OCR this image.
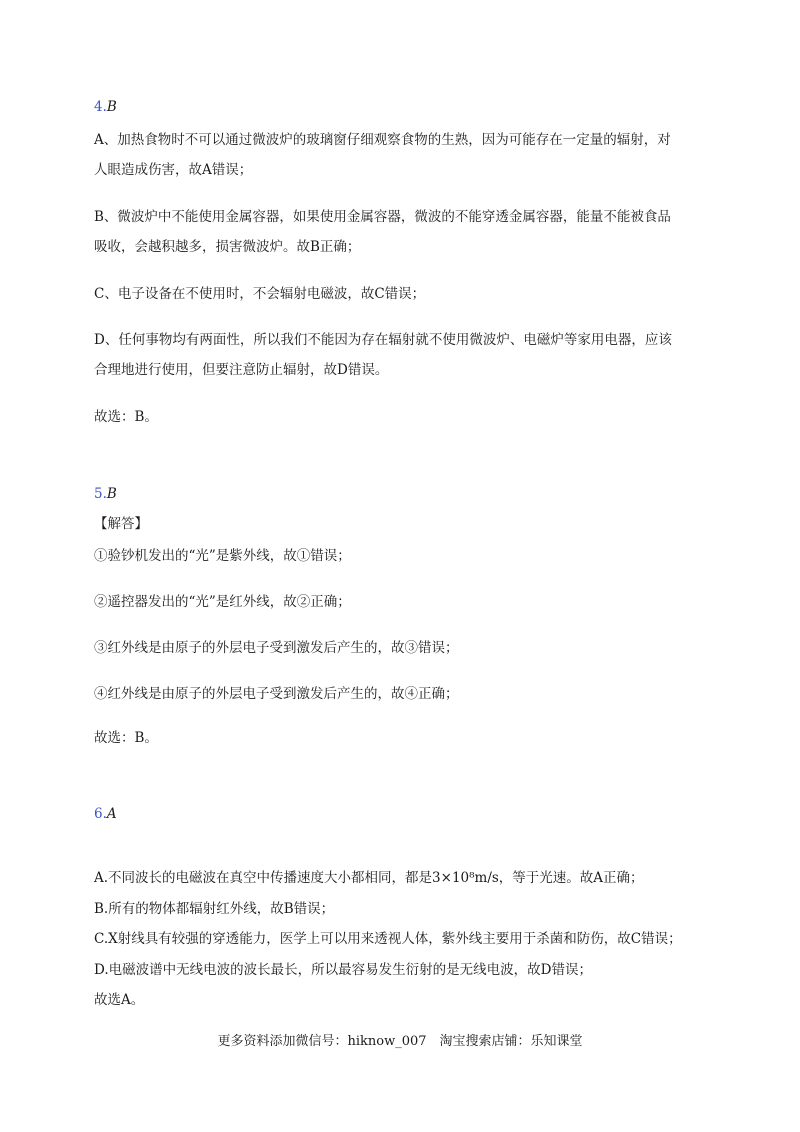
4.B
A、加热食物时不可以通过微波炉的玻璃窗仔细观察食物的生熟，因为可能存在一定量的辐射，对
人眼造成伤害，故A错误；
B、微波炉中不能使用金属容器，如果使用金属容器，微波的不能穿透金属容器，能量不能被食品
吸收，会越积越多，损害微波炉。故B正确；
C、电子设备在不使用时，不会辐射电磁波，故C错误；
D、任何事物均有两面性，所以我们不能因为存在辐射就不使用微波炉、电磁炉等家用电器，应该
合理地进行使用，但要注意防止辐射，故D错误。
故选：B。
5.B
【解答】
①验钞机发出的“光”是紫外线，故①错误；
②遥控器发出的“光”是红外线，故②正确；
③红外线是由原子的外层电子受到激发后产生的，故③错误；
④红外线是由原子的外层电子受到激发后产生的，故④正确；
故选：B。
6.A
A.不同波长的电磁波在真空中传播速度大小都相同，都是3×10⁸m/s，等于光速。故A正确；
B.所有的物体都辐射红外线，故B错误；
C.X射线具有较强的穿透能力，医学上可以用来透视人体，紫外线主要用于杀菌和防伤，故C错误；
D.电磁波谱中无线电波的波长最长，所以最容易发生衍射的是无线电波，故D错误；
故选A。
更多资料添加微信号：hiknow_007　淘宝搜索店铺：乐知课堂
